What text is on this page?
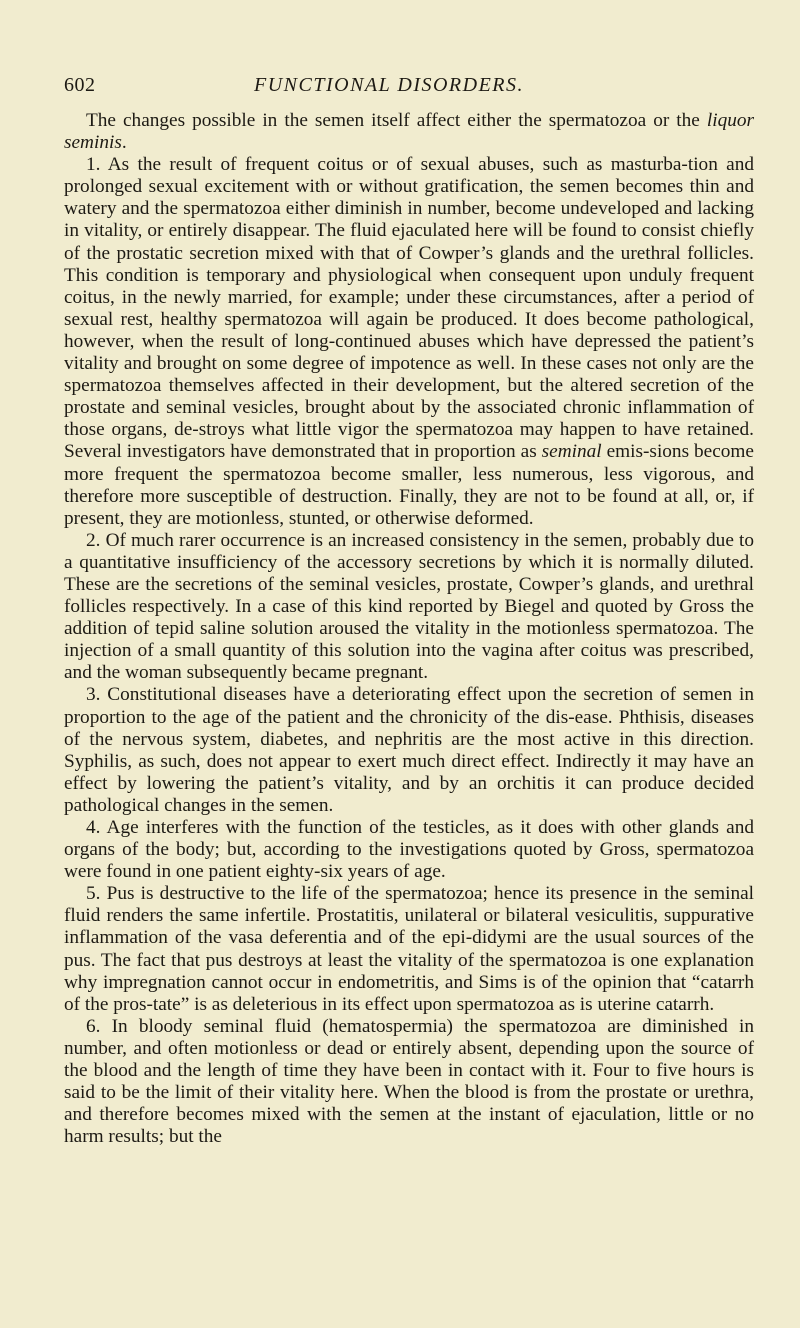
602	FUNCTIONAL DISORDERS.

The changes possible in the semen itself affect either the spermatozoa or the liquor seminis.

1. As the result of frequent coitus or of sexual abuses, such as masturba-tion and prolonged sexual excitement with or without gratification, the semen becomes thin and watery and the spermatozoa either diminish in number, become undeveloped and lacking in vitality, or entirely disappear. The fluid ejaculated here will be found to consist chiefly of the prostatic secretion mixed with that of Cowper’s glands and the urethral follicles. This condition is temporary and physiological when consequent upon unduly frequent coitus, in the newly married, for example; under these circumstances, after a period of sexual rest, healthy spermatozoa will again be produced. It does become pathological, however, when the result of long-continued abuses which have depressed the patient’s vitality and brought on some degree of impotence as well. In these cases not only are the spermatozoa themselves affected in their development, but the altered secretion of the prostate and seminal vesicles, brought about by the associated chronic inflammation of those organs, de-stroys what little vigor the spermatozoa may happen to have retained. Several investigators have demonstrated that in proportion as seminal emis-sions become more frequent the spermatozoa become smaller, less numerous, less vigorous, and therefore more susceptible of destruction. Finally, they are not to be found at all, or, if present, they are motionless, stunted, or otherwise deformed.

2. Of much rarer occurrence is an increased consistency in the semen, probably due to a quantitative insufficiency of the accessory secretions by which it is normally diluted. These are the secretions of the seminal vesicles, prostate, Cowper’s glands, and urethral follicles respectively. In a case of this kind reported by Biegel and quoted by Gross the addition of tepid saline solution aroused the vitality in the motionless spermatozoa. The injection of a small quantity of this solution into the vagina after coitus was prescribed, and the woman subsequently became pregnant.

3. Constitutional diseases have a deteriorating effect upon the secretion of semen in proportion to the age of the patient and the chronicity of the dis-ease. Phthisis, diseases of the nervous system, diabetes, and nephritis are the most active in this direction. Syphilis, as such, does not appear to exert much direct effect. Indirectly it may have an effect by lowering the patient’s vitality, and by an orchitis it can produce decided pathological changes in the semen.

4. Age interferes with the function of the testicles, as it does with other glands and organs of the body; but, according to the investigations quoted by Gross, spermatozoa were found in one patient eighty-six years of age.

5. Pus is destructive to the life of the spermatozoa; hence its presence in the seminal fluid renders the same infertile. Prostatitis, unilateral or bilateral vesiculitis, suppurative inflammation of the vasa deferentia and of the epi-didymi are the usual sources of the pus. The fact that pus destroys at least the vitality of the spermatozoa is one explanation why impregnation cannot occur in endometritis, and Sims is of the opinion that “catarrh of the pros-tate” is as deleterious in its effect upon spermatozoa as is uterine catarrh.

6. In bloody seminal fluid (hematospermia) the spermatozoa are diminished in number, and often motionless or dead or entirely absent, depending upon the source of the blood and the length of time they have been in contact with it. Four to five hours is said to be the limit of their vitality here. When the blood is from the prostate or urethra, and therefore becomes mixed with the semen at the instant of ejaculation, little or no harm results; but the
